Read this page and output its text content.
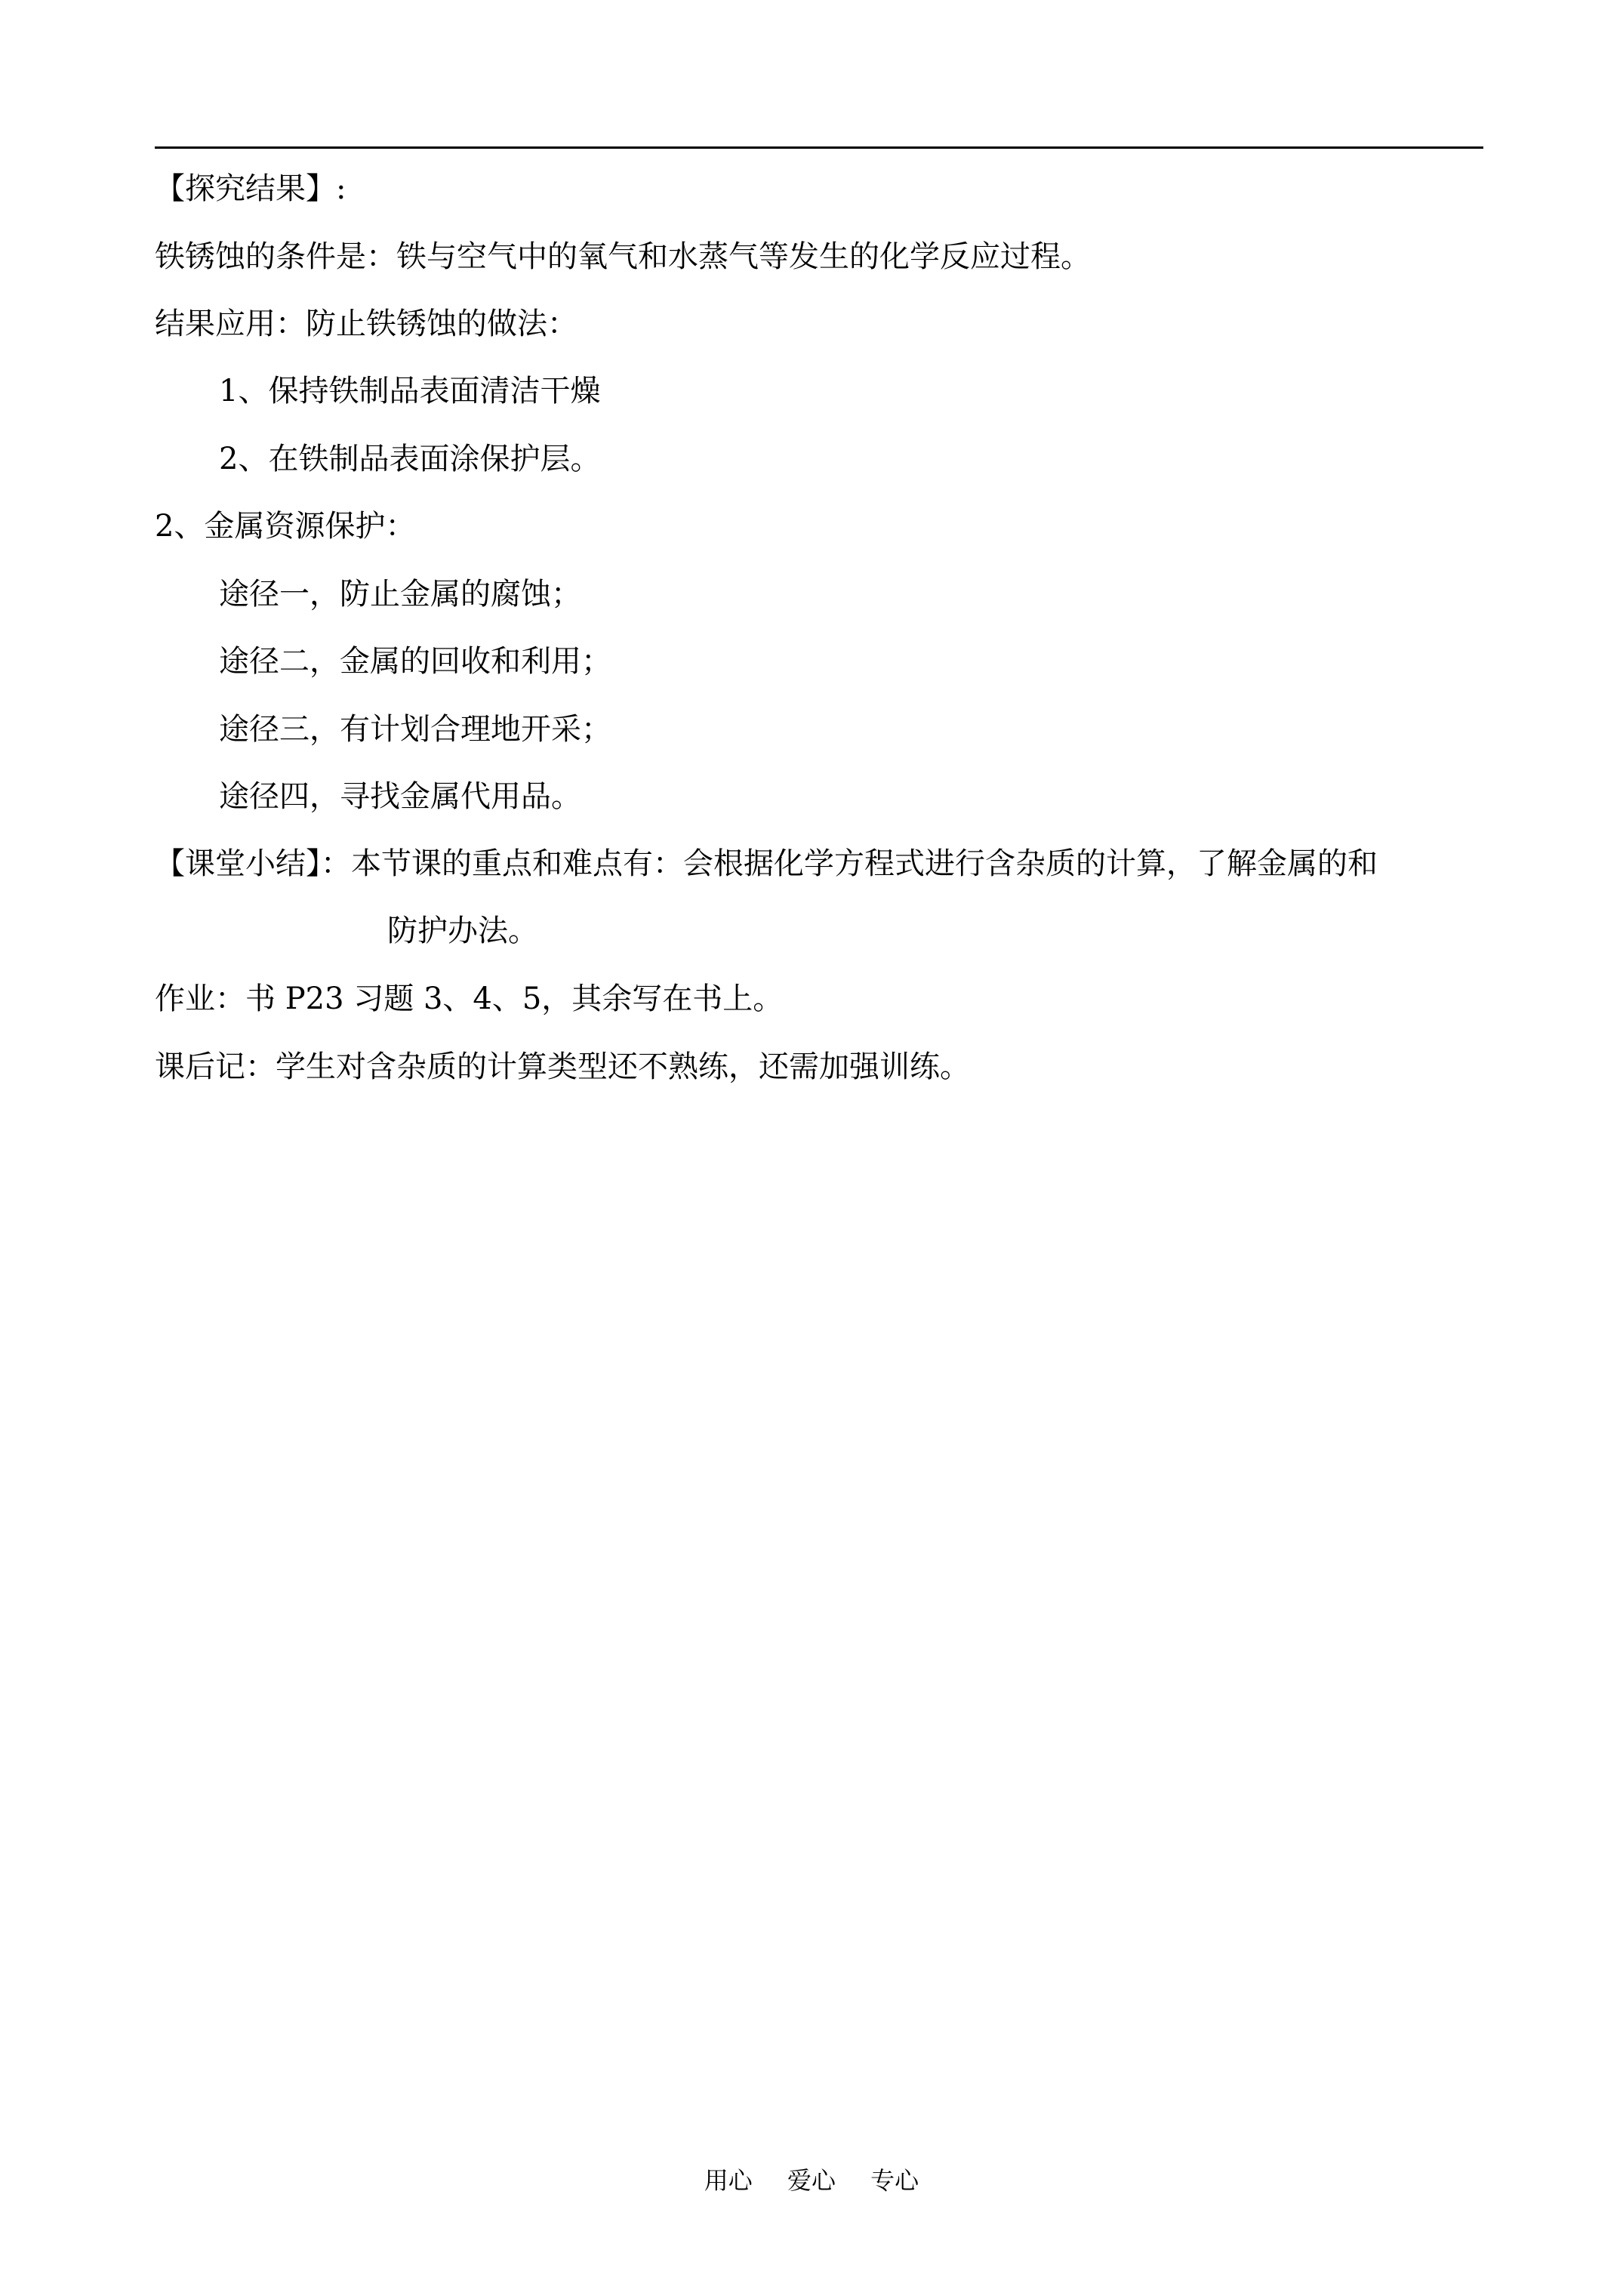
【探究结果】:
铁锈蚀的条件是：铁与空气中的氧气和水蒸气等发生的化学反应过程。
结果应用：防止铁锈蚀的做法：
1、保持铁制品表面清洁干燥
2、在铁制品表面涂保护层。
2、金属资源保护：
途径一，防止金属的腐蚀；
途径二，金属的回收和利用；
途径三，有计划合理地开采；
途径四，寻找金属代用品。
【课堂小结】：本节课的重点和难点有：会根据化学方程式进行含杂质的计算，了解金属的和
防护办法。
作业：书 P23 习题 3、4、5，其余写在书上。
课后记：学生对含杂质的计算类型还不熟练，还需加强训练。
用心 爱心 专心
